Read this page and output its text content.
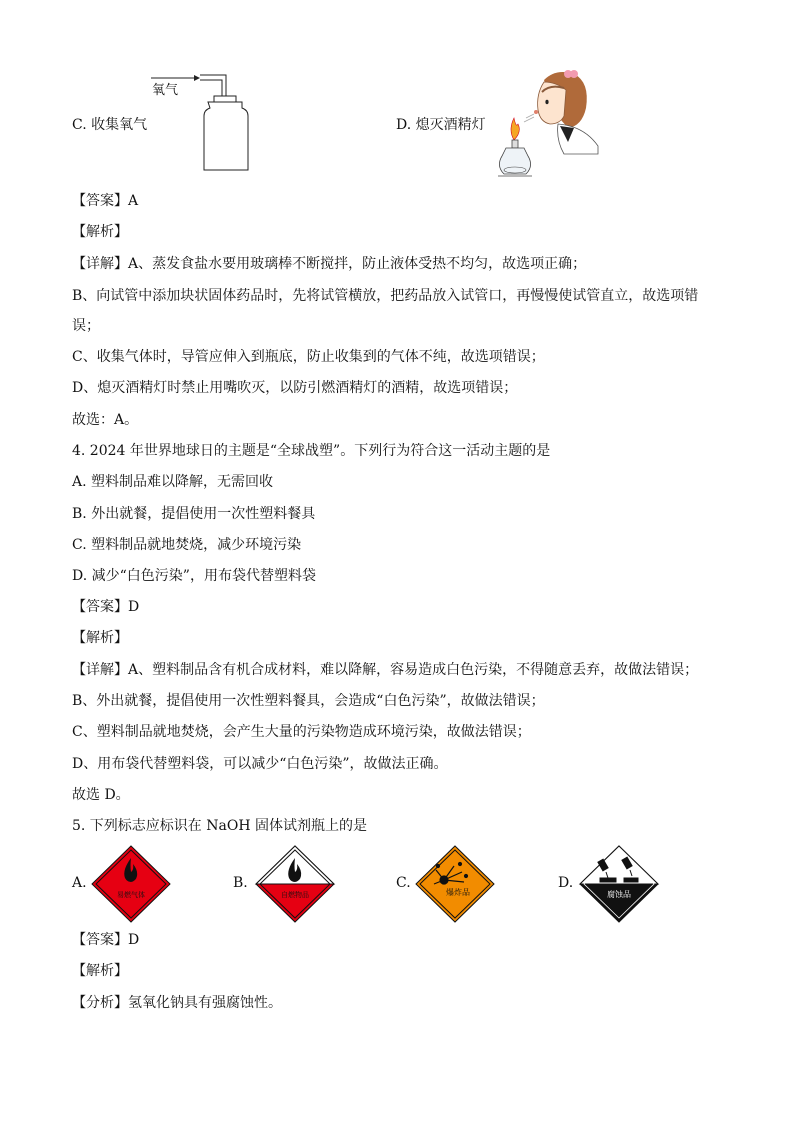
氧气
C. 收集氧气	D. 熄灭酒精灯
【答案】A
【解析】
【详解】A、蒸发食盐水要用玻璃棒不断搅拌，防止液体受热不均匀，故选项正确；
B、向试管中添加块状固体药品时，先将试管横放，把药品放入试管口，再慢慢使试管直立，故选项错
误；
C、收集气体时，导管应伸入到瓶底，防止收集到的气体不纯，故选项错误；
D、熄灭酒精灯时禁止用嘴吹灭，以防引燃酒精灯的酒精，故选项错误；
故选：A。
4. 2024 年世界地球日的主题是“全球战塑”。下列行为符合这一活动主题的是
A. 塑料制品难以降解，无需回收
B. 外出就餐，提倡使用一次性塑料餐具
C. 塑料制品就地焚烧，减少环境污染
D. 减少“白色污染”，用布袋代替塑料袋
【答案】D
【解析】
【详解】A、塑料制品含有机合成材料，难以降解，容易造成白色污染，不得随意丢弃，故做法错误；
B、外出就餐，提倡使用一次性塑料餐具，会造成“白色污染”，故做法错误；
C、塑料制品就地焚烧，会产生大量的污染物造成环境污染，故做法错误；
D、用布袋代替塑料袋，可以减少“白色污染”，故做法正确。
故选 D。
5. 下列标志应标识在 NaOH 固体试剂瓶上的是
A.
易燃气体
B.
自燃物品
C.
爆炸品
D.
腐蚀品
【答案】D
【解析】
【分析】氢氧化钠具有强腐蚀性。
